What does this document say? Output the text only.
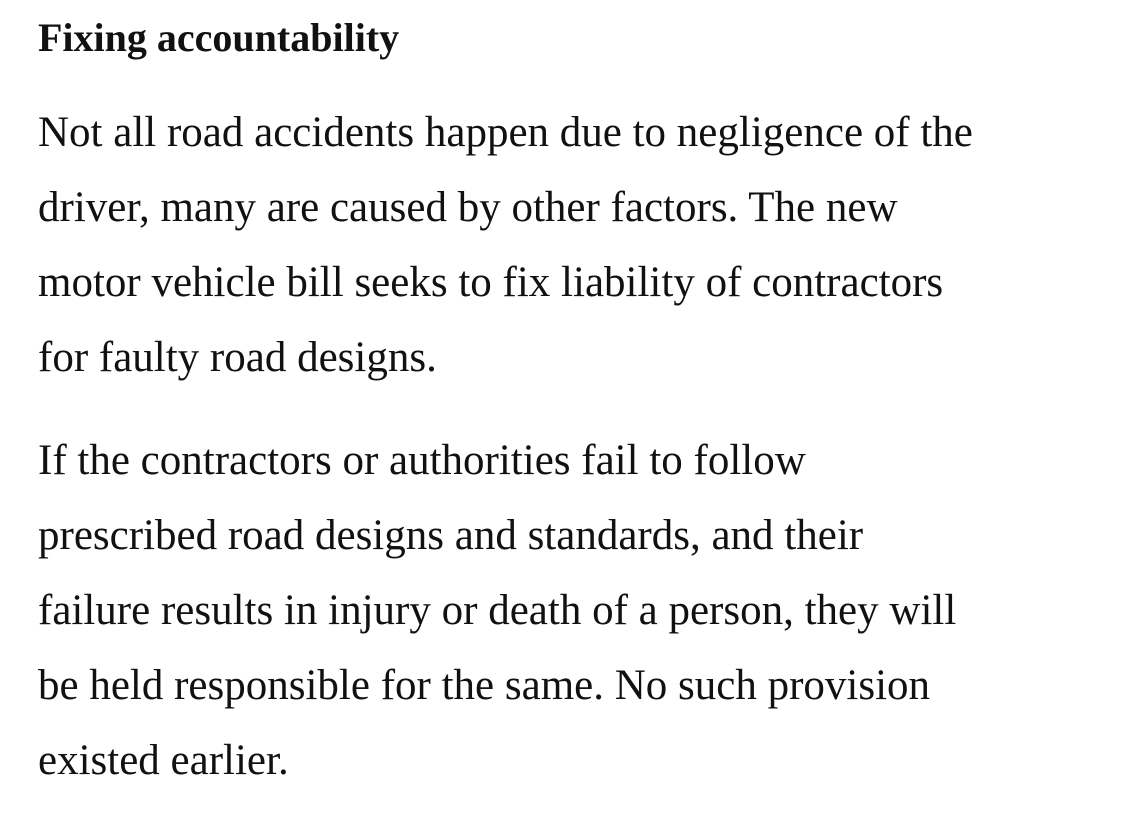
Fixing accountability

Not all road accidents happen due to negligence of the
driver, many are caused by other factors. The new
motor vehicle bill seeks to fix liability of contractors
for faulty road designs.

If the contractors or authorities fail to follow
prescribed road designs and standards, and their
failure results in injury or death of a person, they will
be held responsible for the same. No such provision
existed earlier.
